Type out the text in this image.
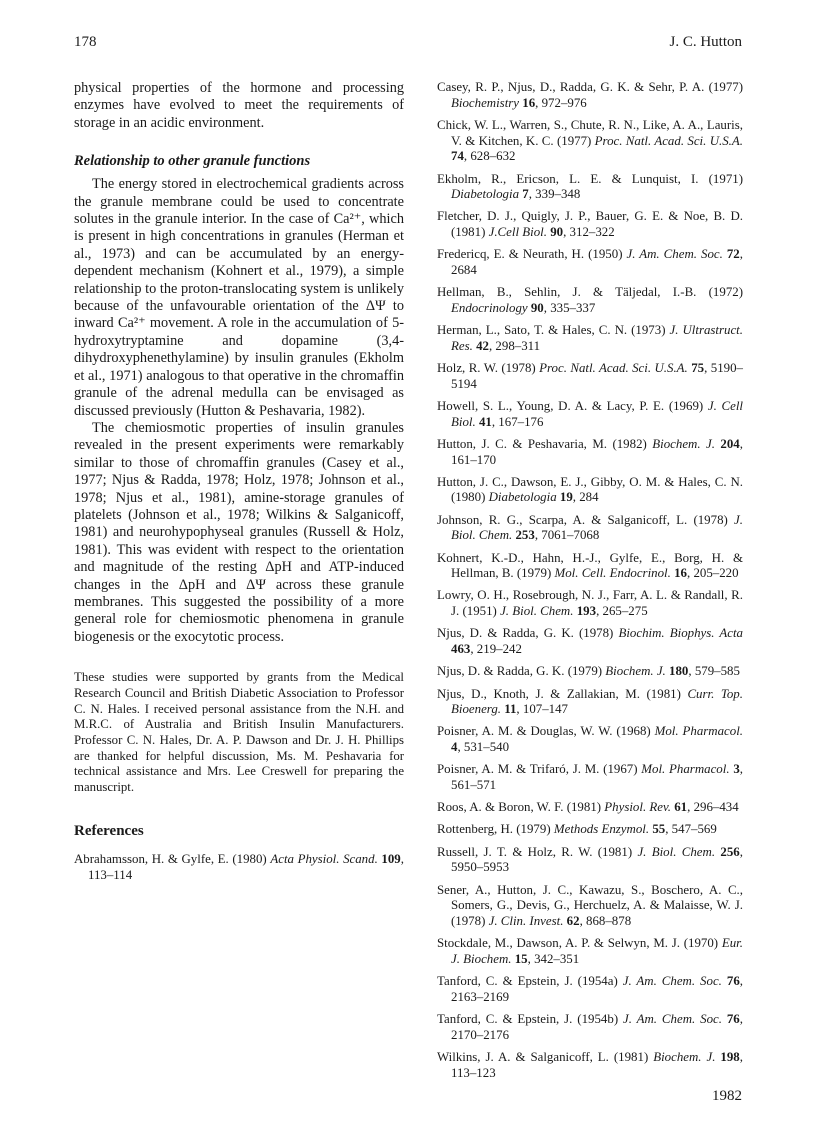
178	J. C. Hutton

physical properties of the hormone and processing enzymes have evolved to meet the requirements of storage in an acidic environment.

Relationship to other granule functions

The energy stored in electrochemical gradients across the granule membrane could be used to concentrate solutes in the granule interior. In the case of Ca²⁺, which is present in high concentrations in granules (Herman et al., 1973) and can be accumulated by an energy-dependent mechanism (Kohnert et al., 1979), a simple relationship to the proton-translocating system is unlikely because of the unfavourable orientation of the ΔΨ to inward Ca²⁺ movement. A role in the accumulation of 5-hydroxytryptamine and dopamine (3,4-dihydroxyphenethylamine) by insulin granules (Ekholm et al., 1971) analogous to that operative in the chromaffin granule of the adrenal medulla can be envisaged as discussed previously (Hutton & Peshavaria, 1982).

The chemiosmotic properties of insulin granules revealed in the present experiments were remarkably similar to those of chromaffin granules (Casey et al., 1977; Njus & Radda, 1978; Holz, 1978; Johnson et al., 1978; Njus et al., 1981), amine-storage granules of platelets (Johnson et al., 1978; Wilkins & Salganicoff, 1981) and neurohypophyseal granules (Russell & Holz, 1981). This was evident with respect to the orientation and magnitude of the resting ΔpH and ATP-induced changes in the ΔpH and ΔΨ across these granule membranes. This suggested the possibility of a more general role for chemiosmotic phenomena in granule biogenesis or the exocytotic process.

These studies were supported by grants from the Medical Research Council and British Diabetic Association to Professor C. N. Hales. I received personal assistance from the N.H. and M.R.C. of Australia and British Insulin Manufacturers. Professor C. N. Hales, Dr. A. P. Dawson and Dr. J. H. Phillips are thanked for helpful discussion, Ms. M. Peshavaria for technical assistance and Mrs. Lee Creswell for preparing the manuscript.

References

Abrahamsson, H. & Gylfe, E. (1980) Acta Physiol. Scand. 109, 113–114

Casey, R. P., Njus, D., Radda, G. K. & Sehr, P. A. (1977) Biochemistry 16, 972–976

Chick, W. L., Warren, S., Chute, R. N., Like, A. A., Lauris, V. & Kitchen, K. C. (1977) Proc. Natl. Acad. Sci. U.S.A. 74, 628–632

Ekholm, R., Ericson, L. E. & Lunquist, I. (1971) Diabetologia 7, 339–348

Fletcher, D. J., Quigly, J. P., Bauer, G. E. & Noe, B. D. (1981) J.Cell Biol. 90, 312–322

Fredericq, E. & Neurath, H. (1950) J. Am. Chem. Soc. 72, 2684

Hellman, B., Sehlin, J. & Täljedal, I.-B. (1972) Endocrinology 90, 335–337

Herman, L., Sato, T. & Hales, C. N. (1973) J. Ultrastruct. Res. 42, 298–311

Holz, R. W. (1978) Proc. Natl. Acad. Sci. U.S.A. 75, 5190–5194

Howell, S. L., Young, D. A. & Lacy, P. E. (1969) J. Cell Biol. 41, 167–176

Hutton, J. C. & Peshavaria, M. (1982) Biochem. J. 204, 161–170

Hutton, J. C., Dawson, E. J., Gibby, O. M. & Hales, C. N. (1980) Diabetologia 19, 284

Johnson, R. G., Scarpa, A. & Salganicoff, L. (1978) J. Biol. Chem. 253, 7061–7068

Kohnert, K.-D., Hahn, H.-J., Gylfe, E., Borg, H. & Hellman, B. (1979) Mol. Cell. Endocrinol. 16, 205–220

Lowry, O. H., Rosebrough, N. J., Farr, A. L. & Randall, R. J. (1951) J. Biol. Chem. 193, 265–275

Njus, D. & Radda, G. K. (1978) Biochim. Biophys. Acta 463, 219–242

Njus, D. & Radda, G. K. (1979) Biochem. J. 180, 579–585

Njus, D., Knoth, J. & Zallakian, M. (1981) Curr. Top. Bioenerg. 11, 107–147

Poisner, A. M. & Douglas, W. W. (1968) Mol. Pharmacol. 4, 531–540

Poisner, A. M. & Trifaró, J. M. (1967) Mol. Pharmacol. 3, 561–571

Roos, A. & Boron, W. F. (1981) Physiol. Rev. 61, 296–434

Rottenberg, H. (1979) Methods Enzymol. 55, 547–569

Russell, J. T. & Holz, R. W. (1981) J. Biol. Chem. 256, 5950–5953

Sener, A., Hutton, J. C., Kawazu, S., Boschero, A. C., Somers, G., Devis, G., Herchuelz, A. & Malaisse, W. J. (1978) J. Clin. Invest. 62, 868–878

Stockdale, M., Dawson, A. P. & Selwyn, M. J. (1970) Eur. J. Biochem. 15, 342–351

Tanford, C. & Epstein, J. (1954a) J. Am. Chem. Soc. 76, 2163–2169

Tanford, C. & Epstein, J. (1954b) J. Am. Chem. Soc. 76, 2170–2176

Wilkins, J. A. & Salganicoff, L. (1981) Biochem. J. 198, 113–123

1982
